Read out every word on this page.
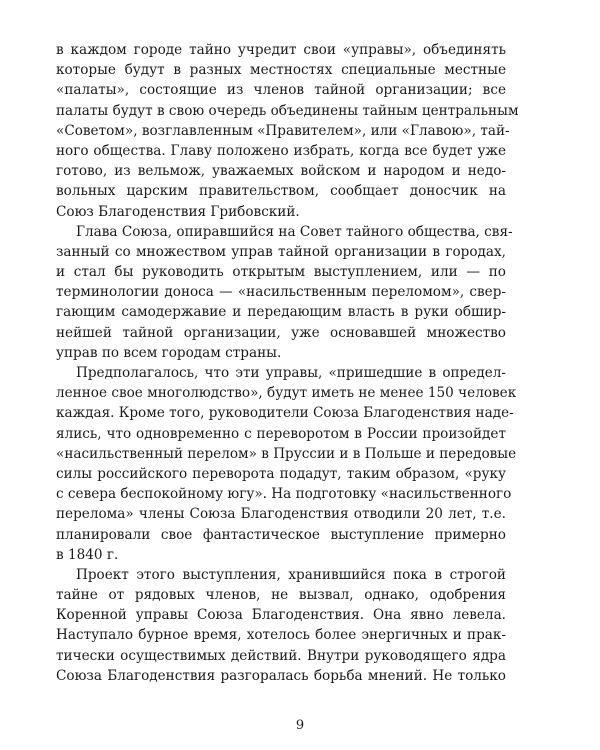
в каждом городе тайно учредит свои «управы», объединять
которые будут в разных местностях специальные местные
«палаты», состоящие из членов тайной организации; все
палаты будут в свою очередь объединены тайным центральным
«Советом», возглавленным «Правителем», или «Главою», тай-
ного общества. Главу положено избрать, когда все будет уже
готово, из вельмож, уважаемых войском и народом и недо-
вольных царским правительством, сообщает доносчик на
Союз Благоденствия Грибовский.
Глава Союза, опиравшийся на Совет тайного общества, свя-
занный со множеством управ тайной организации в городах,
и стал бы руководить открытым выступлением, или — по
терминологии доноса — «насильственным переломом», свер-
гающим самодержавие и передающим власть в руки обшир-
нейшей тайной организации, уже основавшей множество
управ по всем городам страны.
Предполагалось, что эти управы, «пришедшие в определ-
ленное свое многолюдство», будут иметь не менее 150 человек
каждая. Кроме того, руководители Союза Благоденствия наде-
ялись, что одновременно с переворотом в России произойдет
«насильственный перелом» в Пруссии и в Польше и передовые
силы российского переворота подадут, таким образом, «руку
с севера беспокойному югу». На подготовку «насильственного
перелома» члены Союза Благоденствия отводили 20 лет, т.е.
планировали свое фантастическое выступление примерно
в 1840 г.
Проект этого выступления, хранившийся пока в строгой
тайне от рядовых членов, не вызвал, однако, одобрения
Коренной управы Союза Благоденствия. Она явно левела.
Наступало бурное время, хотелось более энергичных и прак-
тически осуществимых действий. Внутри руководящего ядра
Союза Благоденствия разгоралась борьба мнений. Не только
9
